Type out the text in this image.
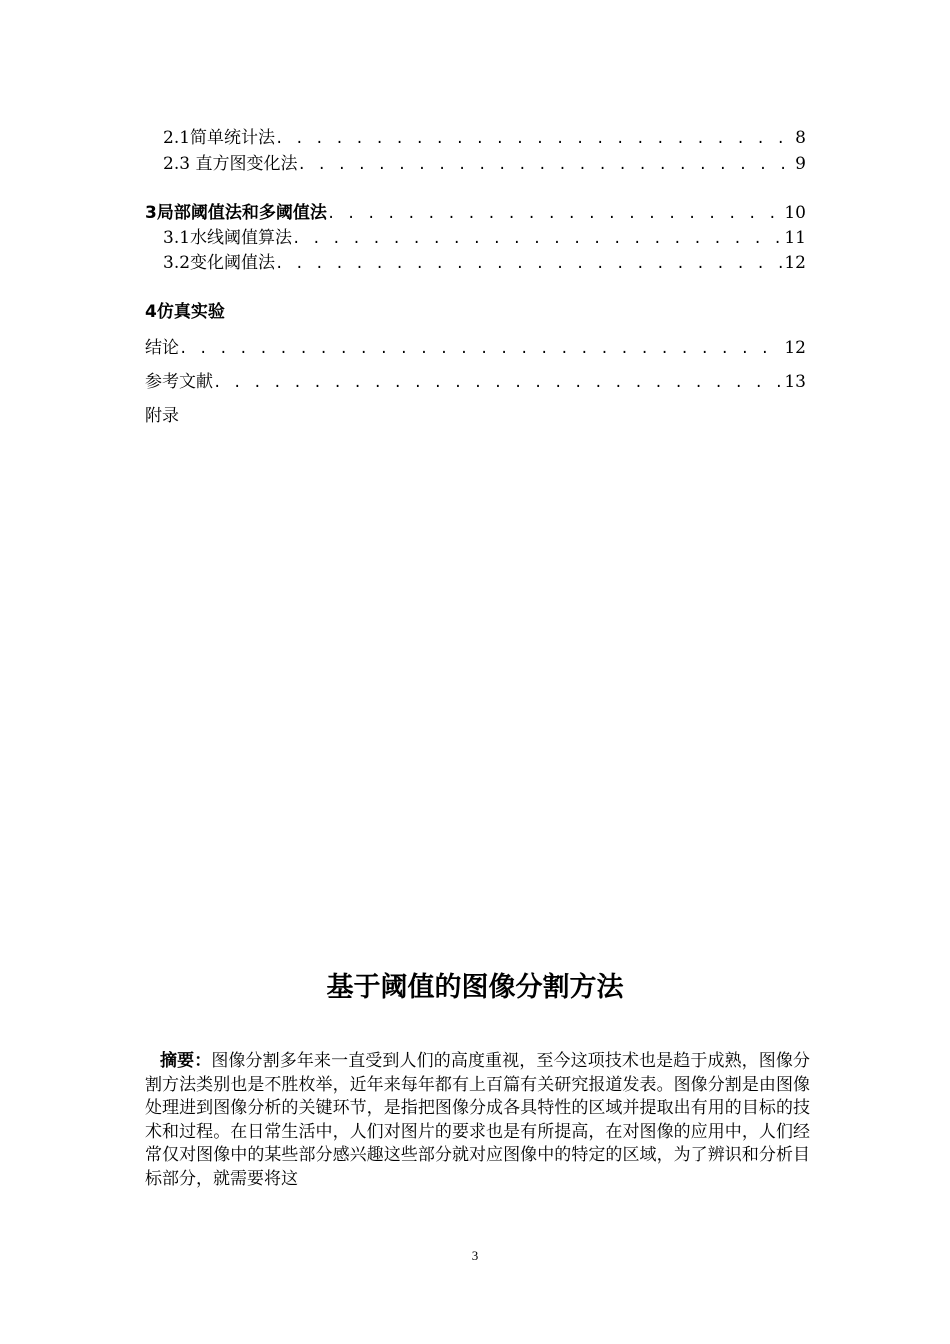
2.1简单统计法 . . .	8
2.3 直方图变化法 . . .	9
3局部阈值法和多阈值法 . . .	10
3.1水线阈值算法 . . .	11
3.2变化阈值法 . . .	12
4仿真实验
结论 . . .	12
参考文献 . . .	13
附录
基于阈值的图像分割方法
摘要：图像分割多年来一直受到人们的高度重视，至今这项技术也是趋于成熟，图像分割方法类别也是不胜枚举，近年来每年都有上百篇有关研究报道发表。图像分割是由图像处理进到图像分析的关键环节，是指把图像分成各具特性的区域并提取出有用的目标的技术和过程。在日常生活中，人们对图片的要求也是有所提高，在对图像的应用中，人们经常仅对图像中的某些部分感兴趣这些部分就对应图像中的特定的区域，为了辨识和分析目标部分，就需要将这
3
